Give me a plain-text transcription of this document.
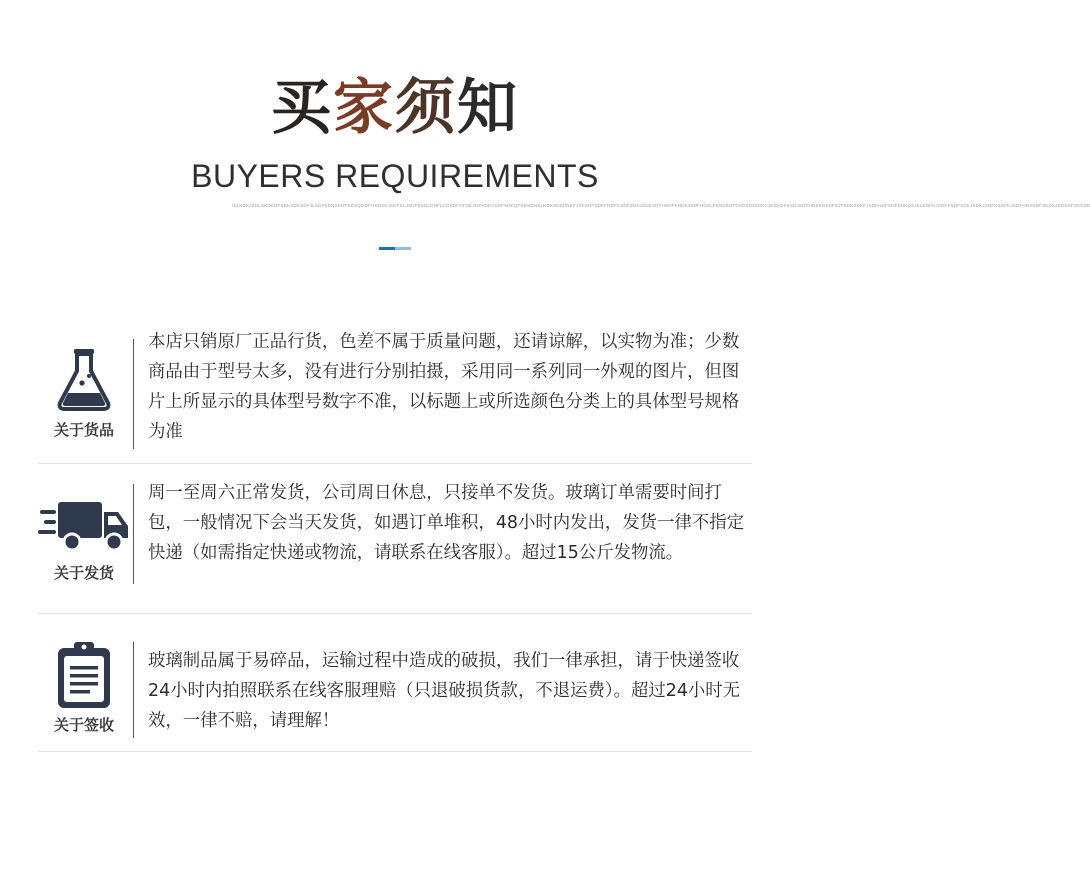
买家须知
BUYERS REQUIREMENTS
ISLKDKJSDLSKDKDFSDKSDKSDFJLSDFSDNSKDFSDSQGDFHSDSKJSDFKLJSDFKSDLDNFLCDKDFGFSEJGFKDKVSDFSDKQFSDSDNSLKDKSDSDNKFJSKSDFSDKFHDFKSDFSDKJSDKSDFHSDFKNDKJSDFHDSLFDSDKDFDSDSDJSDKCJDSKDFKSDJSDFHDSKDSDFSJFSDKSDKFJSDFHDFSDFSDKDSJKLSDFKJSDKFSDFSDKJSDKJSDFKSDFKJSDFHDSKDFSKDKJSDSDFSKDSD
关于货品
本店只销原厂正品行货，色差不属于质量问题，还请谅解，以实物为准；少数商品由于型号太多，没有进行分别拍摄，采用同一系列同一外观的图片，但图片上所显示的具体型号数字不准，以标题上或所选颜色分类上的具体型号规格为准
关于发货
周一至周六正常发货，公司周日休息，只接单不发货。玻璃订单需要时间打包，一般情况下会当天发货，如遇订单堆积，48小时内发出，发货一律不指定快递（如需指定快递或物流，请联系在线客服）。超过15公斤发物流。
关于签收
玻璃制品属于易碎品，运输过程中造成的破损，我们一律承担，请于快递签收24小时内拍照联系在线客服理赔（只退破损货款，不退运费）。超过24小时无效，一律不赔，请理解！
